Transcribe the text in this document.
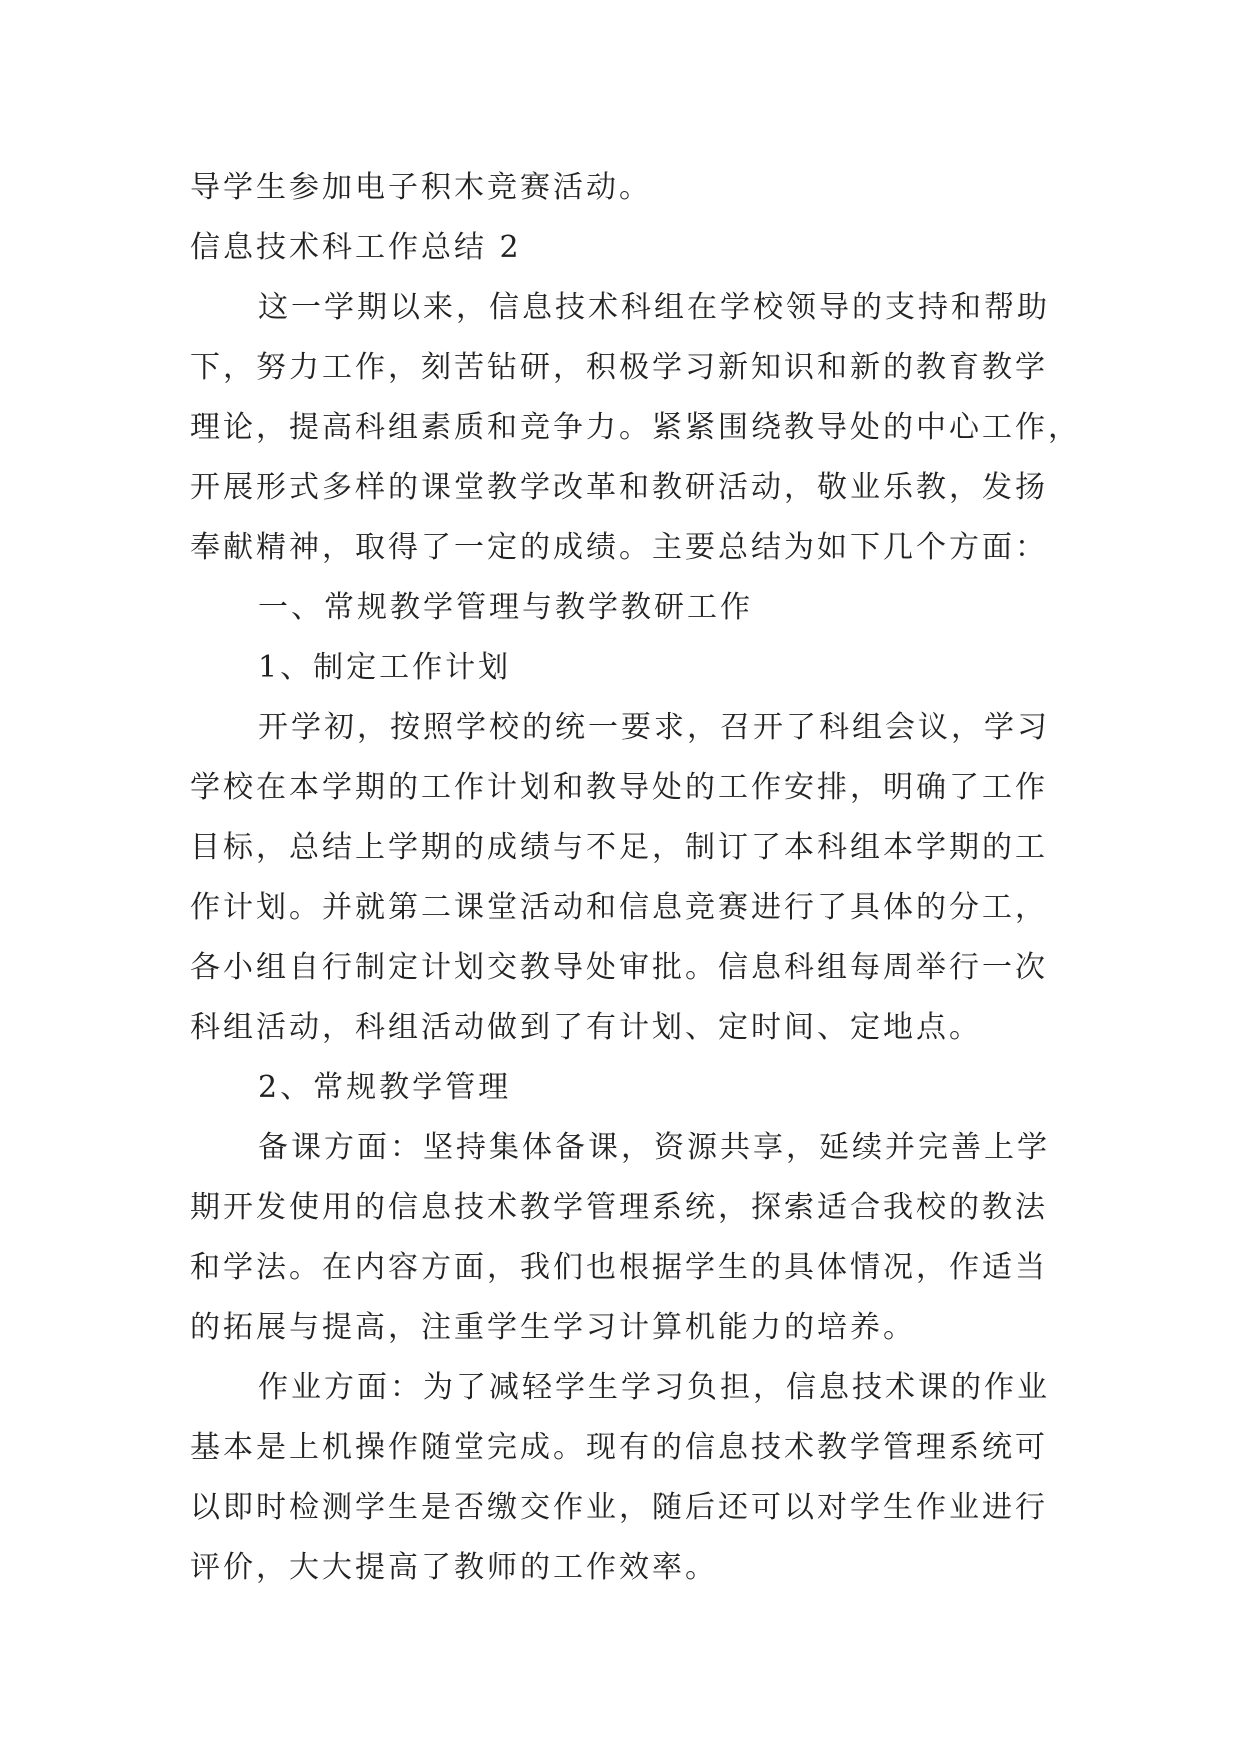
导学生参加电子积木竞赛活动。
信息技术科工作总结 2
这一学期以来，信息技术科组在学校领导的支持和帮助
下，努力工作，刻苦钻研，积极学习新知识和新的教育教学
理论，提高科组素质和竞争力。紧紧围绕教导处的中心工作，
开展形式多样的课堂教学改革和教研活动，敬业乐教，发扬
奉献精神，取得了一定的成绩。主要总结为如下几个方面：
一、常规教学管理与教学教研工作
1、制定工作计划
开学初，按照学校的统一要求，召开了科组会议，学习
学校在本学期的工作计划和教导处的工作安排，明确了工作
目标，总结上学期的成绩与不足，制订了本科组本学期的工
作计划。并就第二课堂活动和信息竞赛进行了具体的分工，
各小组自行制定计划交教导处审批。信息科组每周举行一次
科组活动，科组活动做到了有计划、定时间、定地点。
2、常规教学管理
备课方面：坚持集体备课，资源共享，延续并完善上学
期开发使用的信息技术教学管理系统，探索适合我校的教法
和学法。在内容方面，我们也根据学生的具体情况，作适当
的拓展与提高，注重学生学习计算机能力的培养。
作业方面：为了减轻学生学习负担，信息技术课的作业
基本是上机操作随堂完成。现有的信息技术教学管理系统可
以即时检测学生是否缴交作业，随后还可以对学生作业进行
评价，大大提高了教师的工作效率。
